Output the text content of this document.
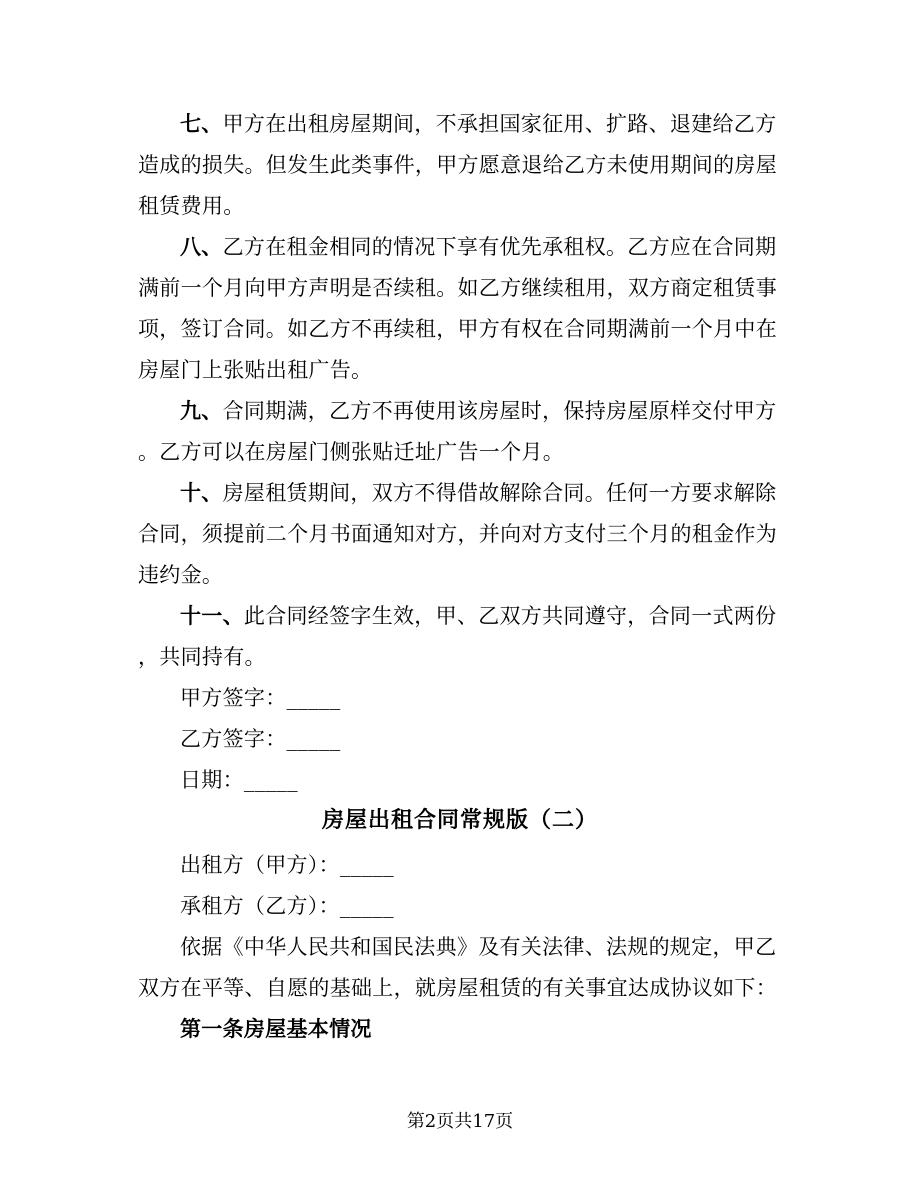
七、甲方在出租房屋期间，不承担国家征用、扩路、退建给乙方
造成的损失。但发生此类事件，甲方愿意退给乙方未使用期间的房屋
租赁费用。
八、乙方在租金相同的情况下享有优先承租权。乙方应在合同期
满前一个月向甲方声明是否续租。如乙方继续租用，双方商定租赁事
项，签订合同。如乙方不再续租，甲方有权在合同期满前一个月中在
房屋门上张贴出租广告。
九、合同期满，乙方不再使用该房屋时，保持房屋原样交付甲方
。乙方可以在房屋门侧张贴迁址广告一个月。
十、房屋租赁期间，双方不得借故解除合同。任何一方要求解除
合同，须提前二个月书面通知对方，并向对方支付三个月的租金作为
违约金。
十一、此合同经签字生效，甲、乙双方共同遵守，合同一式两份
，共同持有。
甲方签字：_____
乙方签字：_____
日期：_____
房屋出租合同常规版（二）
出租方（甲方）：_____
承租方（乙方）：_____
依据《中华人民共和国民法典》及有关法律、法规的规定，甲乙
双方在平等、自愿的基础上，就房屋租赁的有关事宜达成协议如下：
第一条房屋基本情况
第2页共17页
